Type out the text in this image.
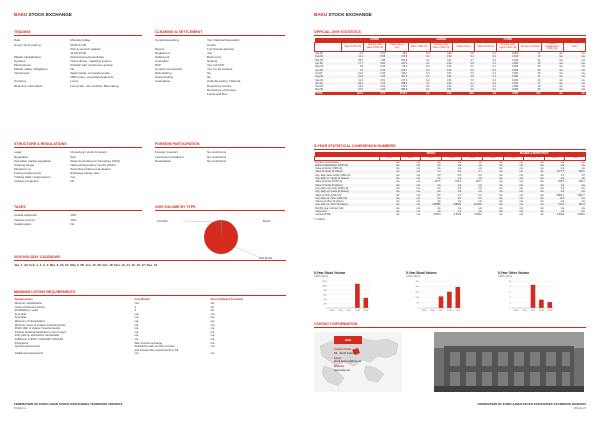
BAKU STOCK EXCHANGE
TRADING
Date	Monday-Friday
Hours: Floor-pairing	09:00-11:00
Pair & second markets
11:00-16:00
Market capitalization	Price/volume/quote/index
Systems	Order-driven, matching system
Mechanisms	Periodic call, continuous auction
Market maker obligations	No
Instruments	State bonds, corporate bonds,
CBN notes, repo/share/warrants
Currency	Local
Real time information	Lenny/Jiro, own website, Bloomberg
CLEARING & SETTLEMENT
Central depository	Yes, National Depository
Centre
Period	T+0 (bonds+shares)
Registered	Yes
Settlement	Book entry
Custodian	Nothing
DVP	Yes, full DVP
Central counterparty	Yes, for all markets
Risk sharing	No
Stock lending	No
Custodians	Hold depository, National
Depository Centre,
Depository of Pension
Funds and Res
STRUCTURE & REGULATIONS
Legal	Closed joint stock company
Regulation	Self
Securities market regulation	State Committee for Securities (SCS)
Clearing house	National Depository Centre (NDC)
Members (s)	Securities brokers and dealers
Listing requirements	Exchange listing rules
Trading halts / suspensions	Yes
Investor protection	No
FOREIGN PARTICIPATION
Foreign investors	No restrictions
Investment limitations	No restrictions
Repatriation	No restrictions
TAXES
Capital dividends	10%
Interest income	10%
Capital gains	No
2009 VOLUME BY TYPE
1% Other	Bonds
99% Bonds
2010 HOLIDAY CALENDAR
Jan. 1, 20; Feb. 1, 2, 3, 4; Mar. 8, 20, 21; May 9, 28; Jun. 15, 26; Oct. 18; Nov. 12, 14, 15, 16, 17; Dec. 31
MINIMUM LISTING REQUIREMENTS
Requirements	First Market	Second Market (Unlisted)
Minimum capitalization	Yes	No
Years of business activity	3	No
Profitability in years	3	No
Free float	n/a	n/a
Free float	n/a	n/a
Minimum of shareholders	n/a	n/a
Minimum years of positive financial results	n/a	n/a
Public offer of shares, financial results	n/a	n/a
Positive dividend distribution in last 3 years	n/a	n/a
Fully paid up shares/free transferable	n/a	n/a
Fulfillment of IFRS / USGAAP/ CSGAAP	n/a	n/a
Prospectus	SEC & stock exchange	n/a
Special requirements	Satisfaction with security of issuer	n/a
	and annual other requirements in full	
Additional requirements	n/a	n/a
FEDERATION OF EURO-ASIAN STOCK EXCHANGES YEARBOOK 2009/2010
PAGE 14
BAKU STOCK EXCHANGE
OFFICIAL 2009 STATISTICS
	BONDS			SHARES			OTHER				
	Value (USD mil)	Average daily value (USD mil)	Trade volume (mil)	Value (USD mil)	Average daily value (USD mil)	Trade volume	Value (USD mil)	Average daily value (USD mil)	Number of trades	Market capitalization (USD mil)	Index
Jan-09	0.9	0.05	15.4	0.0	0.00	2.8	0.1	0.003	12	n/a	n/a
Feb-09	11.1	0.58	174.8	0.4	0.02	4.1	0.2	0.010	19	n/a	n/a
Mar-09	39.5	1.88	531.5	0.1	0.01	3.7	0.2	0.010	22	n/a	n/a
Apr-09	17.7	0.80	247.9	0.1	0.00	3.9	0.1	0.006	16	n/a	n/a
May-09	4.8	0.24	65.1	0.2	0.01	5.4	0.1	0.005	20	n/a	n/a
Jun-09	7.6	0.35	105.7	0.3	0.01	2.6	0.0	0.002	15	n/a	n/a
Jul-09	10.6	0.46	146.2	0.3	0.01	3.3	0.1	0.004	18	n/a	n/a
Aug-09	21.8	1.04	301.4	0.1	0.01	2.9	0.1	0.005	14	n/a	n/a
Sep-09	11.3	0.51	157.4	0.2	0.01	3.6	0.2	0.009	21	n/a	n/a
Oct-09	29.3	1.33	408.6	0.1	0.01	3.1	0.3	0.014	17	n/a	n/a
Nov-09	12.5	0.63	174.3	0.3	0.01	4.0	0.1	0.005	19	n/a	n/a
Dec-09	27.6	1.20	384.8	0.1	0.01	3.2	0.1	0.004	23	n/a	n/a
TOTAL	194.7	0.77	2713.1	2.2	0.01	42.6	1.6	0.006	216	n/a	n/a
5-YEAR STATISTICAL COMPARISON NUMBERS
	BONDS					SHARES & DERIVATIVES				
	2005	2006	2007	2008	2009	2005	2006	2007	2008	2009
Number of companies	n/a	n/a	n/a	n/a	n/a	n/a	n/a	n/a	n/a	n/a
Market capitalization (USD mil)	n/a	n/a	n/a	n/a	n/a	n/a	n/a	n/a	n/a	n/a
Value of stocks (USD mil)	n/a	n/a	n/a	n/a	n/a	n/a	n/a	n/a	n/a	n/a
Value of stocks (# shares)	n/a	n/a	4.4	0.8	0.7	n/a	n/a	n/a	1077.5	450.0
Avg. daily value stocks (USD mil)	n/a	n/a	0.0	0.0	0.0	n/a	n/a	n/a	4.3	1.8
Avg. daily vol. stocks (# shares)	n/a	n/a	n/a	n/a	n/a	n/a	n/a	n/a	n/a	n/a
Value of bonds (USD mil)	n/a	n/a	107.5	150.6	194.7	n/a	n/a	n/a	205.9	125.2
Value of bonds (# shares)	n/a	n/a	n/a	n/a	n/a	n/a	n/a	n/a	n/a	n/a
Avg. daily val. bonds (USD mil)	n/a	n/a	0.4	0.6	0.8	n/a	n/a	n/a	0.8	0.5
Avg. daily vol. bonds (# shares)	n/a	n/a	n/a	n/a	n/a	n/a	n/a	n/a	n/a	n/a
Value of other (USD mil)	n/a	n/a	8.6	3.1	2.2	n/a	n/a	n/a	2894.2	1260.7
Avg. daily val. other (USD mil)	n/a	n/a	0.0	0.0	0.0	n/a	n/a	n/a	11.5	5.0
Volume of other (# shares)	n/a	n/a	n/a	n/a	n/a	n/a	n/a	n/a	n/a	n/a
Avg. daily vol. other (# shares)	n/a	n/a	230585	218804	213300	n/a	n/a	n/a	734.9	306.3
Monthly avg. turnover ratio	n/a	n/a	n/a	n/a	n/a	n/a	n/a	n/a	n/a	n/a
Index level	n/a	n/a	n/a	n/a	n/a	n/a	n/a	n/a	n/a	n/a
Currency/US$	n/a	n/a	0.8574	0.8010	0.8031	n/a	n/a	n/a	0.8010	0.8031
* in million
5-Year Stock Volume
(USD million)
0
200
400
600
800
1000
1200
2005	2006	2007	2008	2009
5-Year Bond Volume
(USD million)
0
50
100
150
200
250
2005	2006	2007	2008	2009
5-Year Other Volume
(USD million)
0
2
4
6
8
10
2005	2006	2007	2008	2009
CONTACT INFORMATION
BSE
Contact Name
Mr. Jamil Kelsov
Email
jamil.kelsov@bse.az
Website
www.bse.az
FEDERATION OF EURO-ASIAN STOCK EXCHANGES YEARBOOK 2009/2010
PAGE 15
